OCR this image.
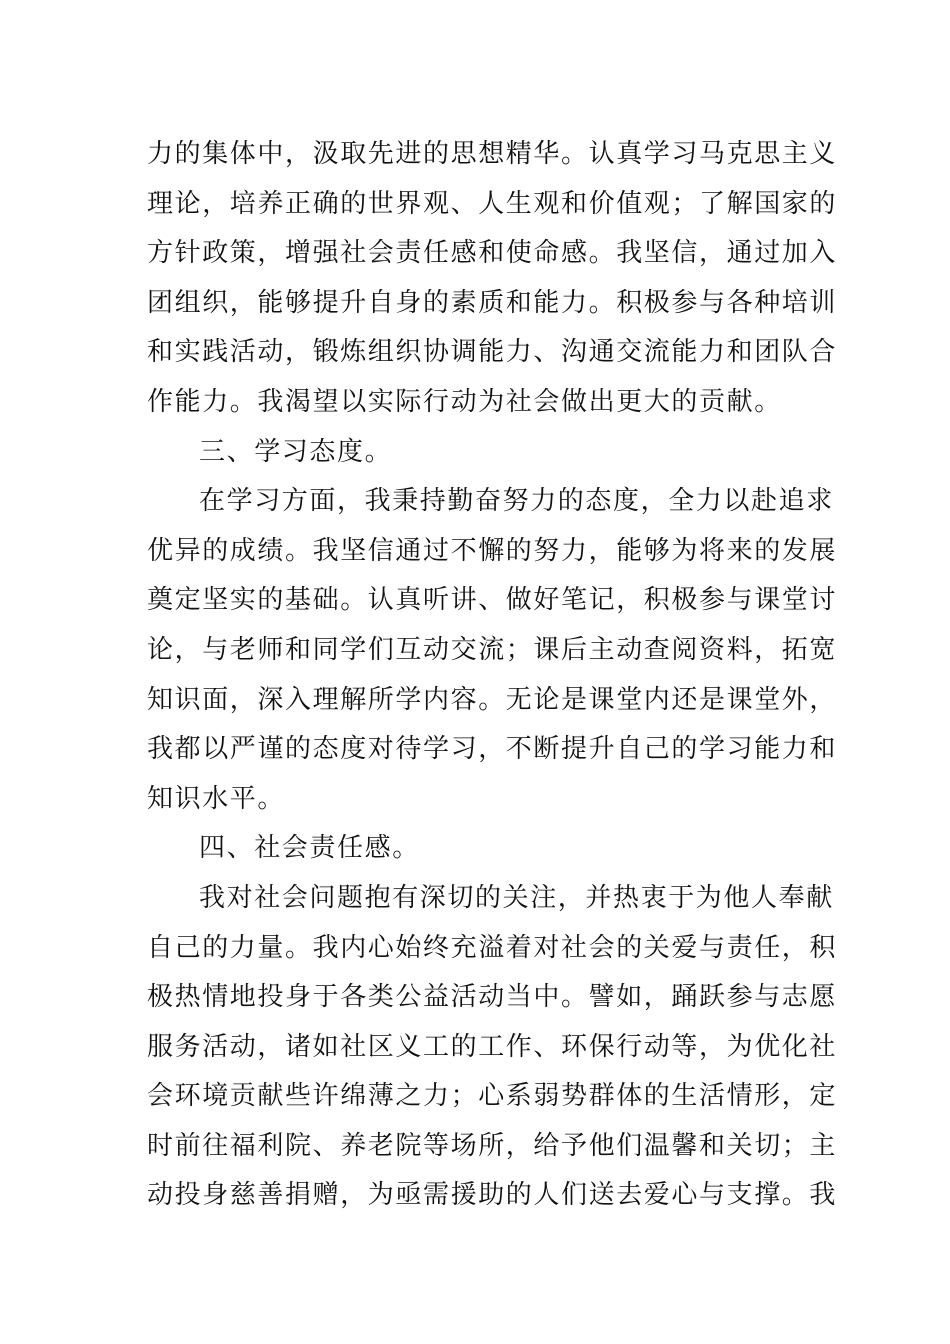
力的集体中，汲取先进的思想精华。认真学习马克思主义
理论，培养正确的世界观、人生观和价值观；了解国家的
方针政策，增强社会责任感和使命感。我坚信，通过加入
团组织，能够提升自身的素质和能力。积极参与各种培训
和实践活动，锻炼组织协调能力、沟通交流能力和团队合
作能力。我渴望以实际行动为社会做出更大的贡献。
三、学习态度。
在学习方面，我秉持勤奋努力的态度，全力以赴追求
优异的成绩。我坚信通过不懈的努力，能够为将来的发展
奠定坚实的基础。认真听讲、做好笔记，积极参与课堂讨
论，与老师和同学们互动交流；课后主动查阅资料，拓宽
知识面，深入理解所学内容。无论是课堂内还是课堂外，
我都以严谨的态度对待学习，不断提升自己的学习能力和
知识水平。
四、社会责任感。
我对社会问题抱有深切的关注，并热衷于为他人奉献
自己的力量。我内心始终充溢着对社会的关爱与责任，积
极热情地投身于各类公益活动当中。譬如，踊跃参与志愿
服务活动，诸如社区义工的工作、环保行动等，为优化社
会环境贡献些许绵薄之力；心系弱势群体的生活情形，定
时前往福利院、养老院等场所，给予他们温馨和关切；主
动投身慈善捐赠，为亟需援助的人们送去爱心与支撑。我
